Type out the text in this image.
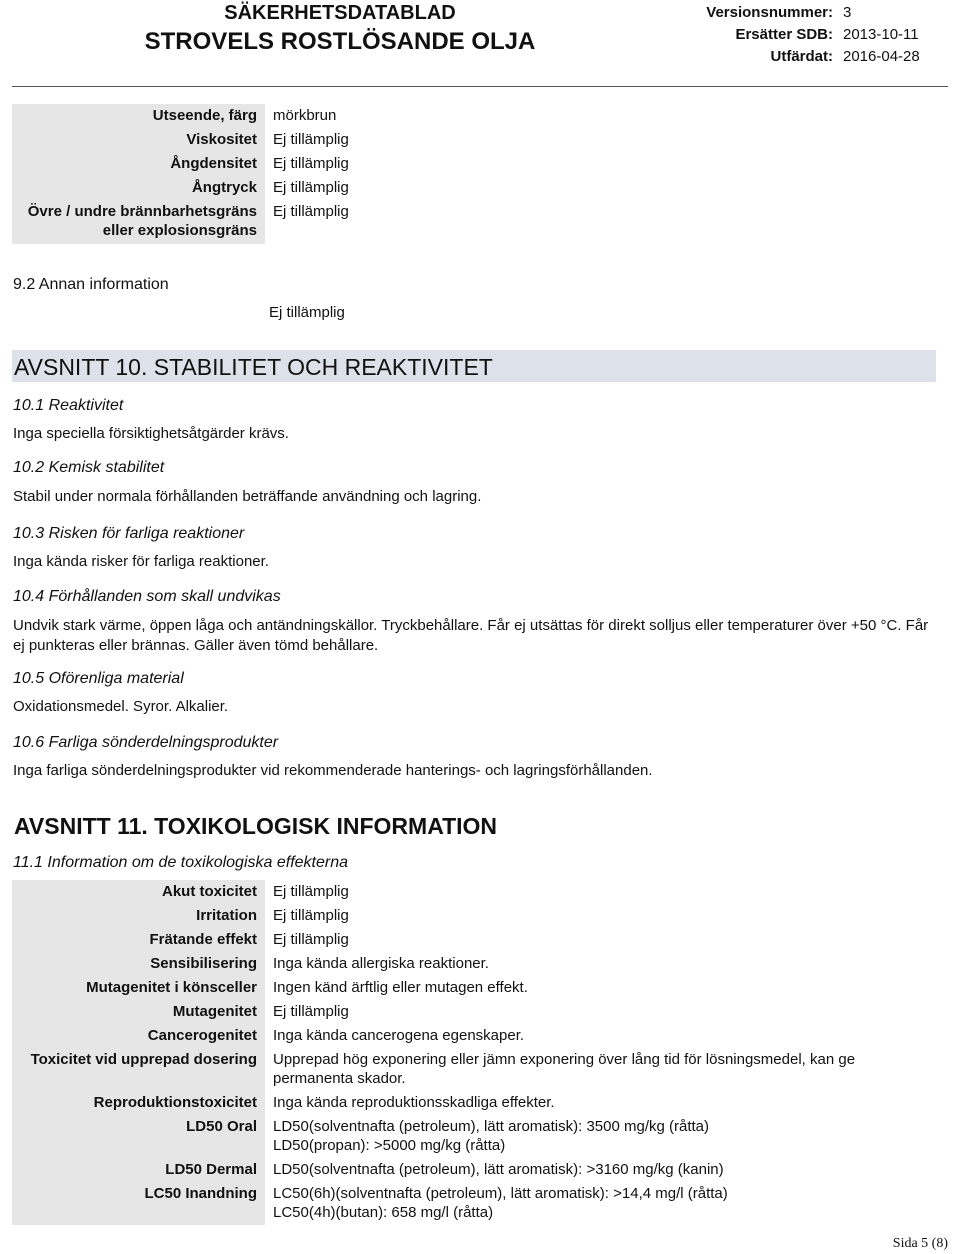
SÄKERHETSDATABLAD
STROVELS ROSTLÖSANDE OLJA
Versionsnummer: 3
Ersätter SDB: 2013-10-11
Utfärdat: 2016-04-28
Utseende, färg	mörkbrun
Viskositet	Ej tillämplig
Ångdensitet	Ej tillämplig
Ångtryck	Ej tillämplig
Övre / undre brännbarhetsgräns eller explosionsgräns	Ej tillämplig
9.2 Annan information
Ej tillämplig
AVSNITT 10. STABILITET OCH REAKTIVITET
10.1 Reaktivitet
Inga speciella försiktighetsåtgärder krävs.
10.2 Kemisk stabilitet
Stabil under normala förhållanden beträffande användning och lagring.
10.3 Risken för farliga reaktioner
Inga kända risker för farliga reaktioner.
10.4 Förhållanden som skall undvikas
Undvik stark värme, öppen låga och antändningskällor. Tryckbehållare. Får ej utsättas för direkt solljus eller temperaturer över +50 °C. Får ej punkteras eller brännas. Gäller även tömd behållare.
10.5 Oförenliga material
Oxidationsmedel. Syror. Alkalier.
10.6 Farliga sönderdelningsprodukter
Inga farliga sönderdelningsprodukter vid rekommenderade hanterings- och lagringsförhållanden.
AVSNITT 11. TOXIKOLOGISK INFORMATION
11.1 Information om de toxikologiska effekterna
Akut toxicitet	Ej tillämplig
Irritation	Ej tillämplig
Frätande effekt	Ej tillämplig
Sensibilisering	Inga kända allergiska reaktioner.
Mutagenitet i könsceller	Ingen känd ärftlig eller mutagen effekt.
Mutagenitet	Ej tillämplig
Cancerogenitet	Inga kända cancerogena egenskaper.
Toxicitet vid upprepad dosering	Upprepad hög exponering eller jämn exponering över lång tid för lösningsmedel, kan ge permanenta skador.
Reproduktionstoxicitet	Inga kända reproduktionsskadliga effekter.
LD50 Oral	LD50(solventnafta (petroleum), lätt aromatisk): 3500 mg/kg (råtta)
LD50(propan): >5000 mg/kg (råtta)

LD50 Dermal	LD50(solventnafta (petroleum), lätt aromatisk): >3160 mg/kg (kanin)
LC50 Inandning	LC50(6h)(solventnafta (petroleum), lätt aromatisk): >14,4 mg/l (råtta)
LC50(4h)(butan): 658 mg/l (råtta)
Sida 5 (8)
